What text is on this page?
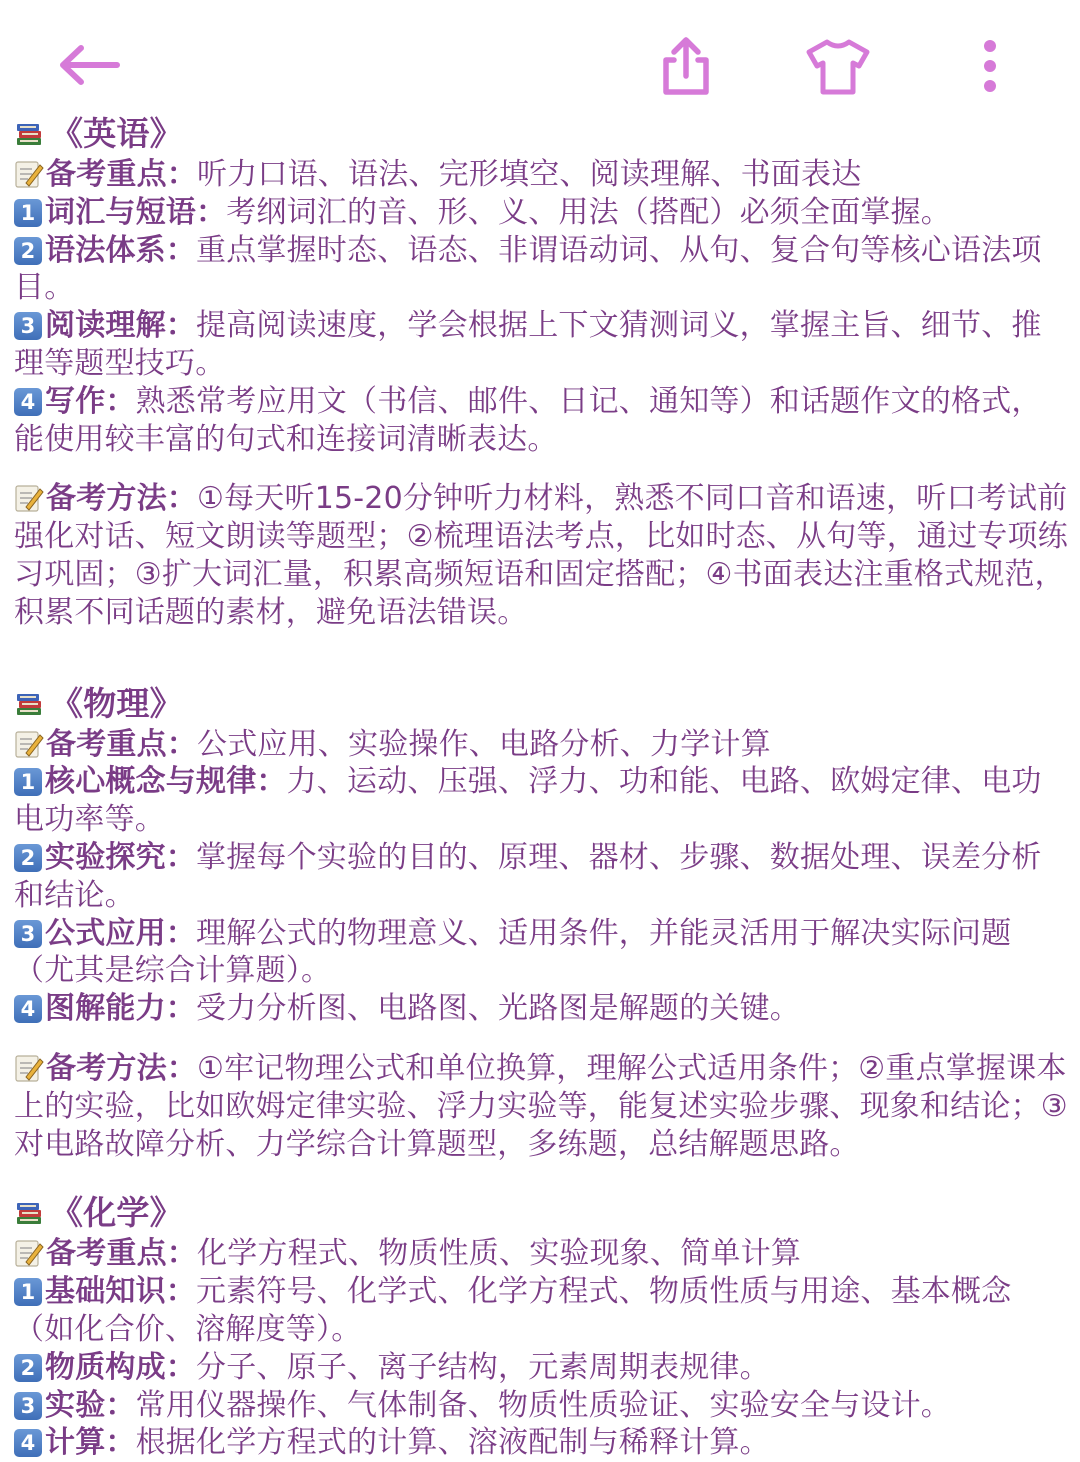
《英语》
备考重点：听力口语、语法、完形填空、阅读理解、书面表达
1 词汇与短语：考纲词汇的音、形、义、用法（搭配）必须全面掌握。
2 语法体系：重点掌握时态、语态、非谓语动词、从句、复合句等核心语法项目。
3 阅读理解：提高阅读速度，学会根据上下文猜测词义，掌握主旨、细节、推理等题型技巧。
4 写作：熟悉常考应用文（书信、邮件、日记、通知等）和话题作文的格式，能使用较丰富的句式和连接词清晰表达。
备考方法：①每天听15-20分钟听力材料，熟悉不同口音和语速，听口考试前强化对话、短文朗读等题型；②梳理语法考点，比如时态、从句等，通过专项练习巩固；③扩大词汇量，积累高频短语和固定搭配；④书面表达注重格式规范，积累不同话题的素材，避免语法错误。
《物理》
备考重点：公式应用、实验操作、电路分析、力学计算
1 核心概念与规律：力、运动、压强、浮力、功和能、电路、欧姆定律、电功电功率等。
2 实验探究：掌握每个实验的目的、原理、器材、步骤、数据处理、误差分析和结论。
3 公式应用：理解公式的物理意义、适用条件，并能灵活用于解决实际问题（尤其是综合计算题）。
4 图解能力：受力分析图、电路图、光路图是解题的关键。
备考方法：①牢记物理公式和单位换算，理解公式适用条件；②重点掌握课本上的实验，比如欧姆定律实验、浮力实验等，能复述实验步骤、现象和结论；③对电路故障分析、力学综合计算题型，多练题，总结解题思路。
《化学》
备考重点：化学方程式、物质性质、实验现象、简单计算
1 基础知识：元素符号、化学式、化学方程式、物质性质与用途、基本概念（如化合价、溶解度等）。
2 物质构成：分子、原子、离子结构，元素周期表规律。
3 实验：常用仪器操作、气体制备、物质性质验证、实验安全与设计。
4 计算：根据化学方程式的计算、溶液配制与稀释计算。
